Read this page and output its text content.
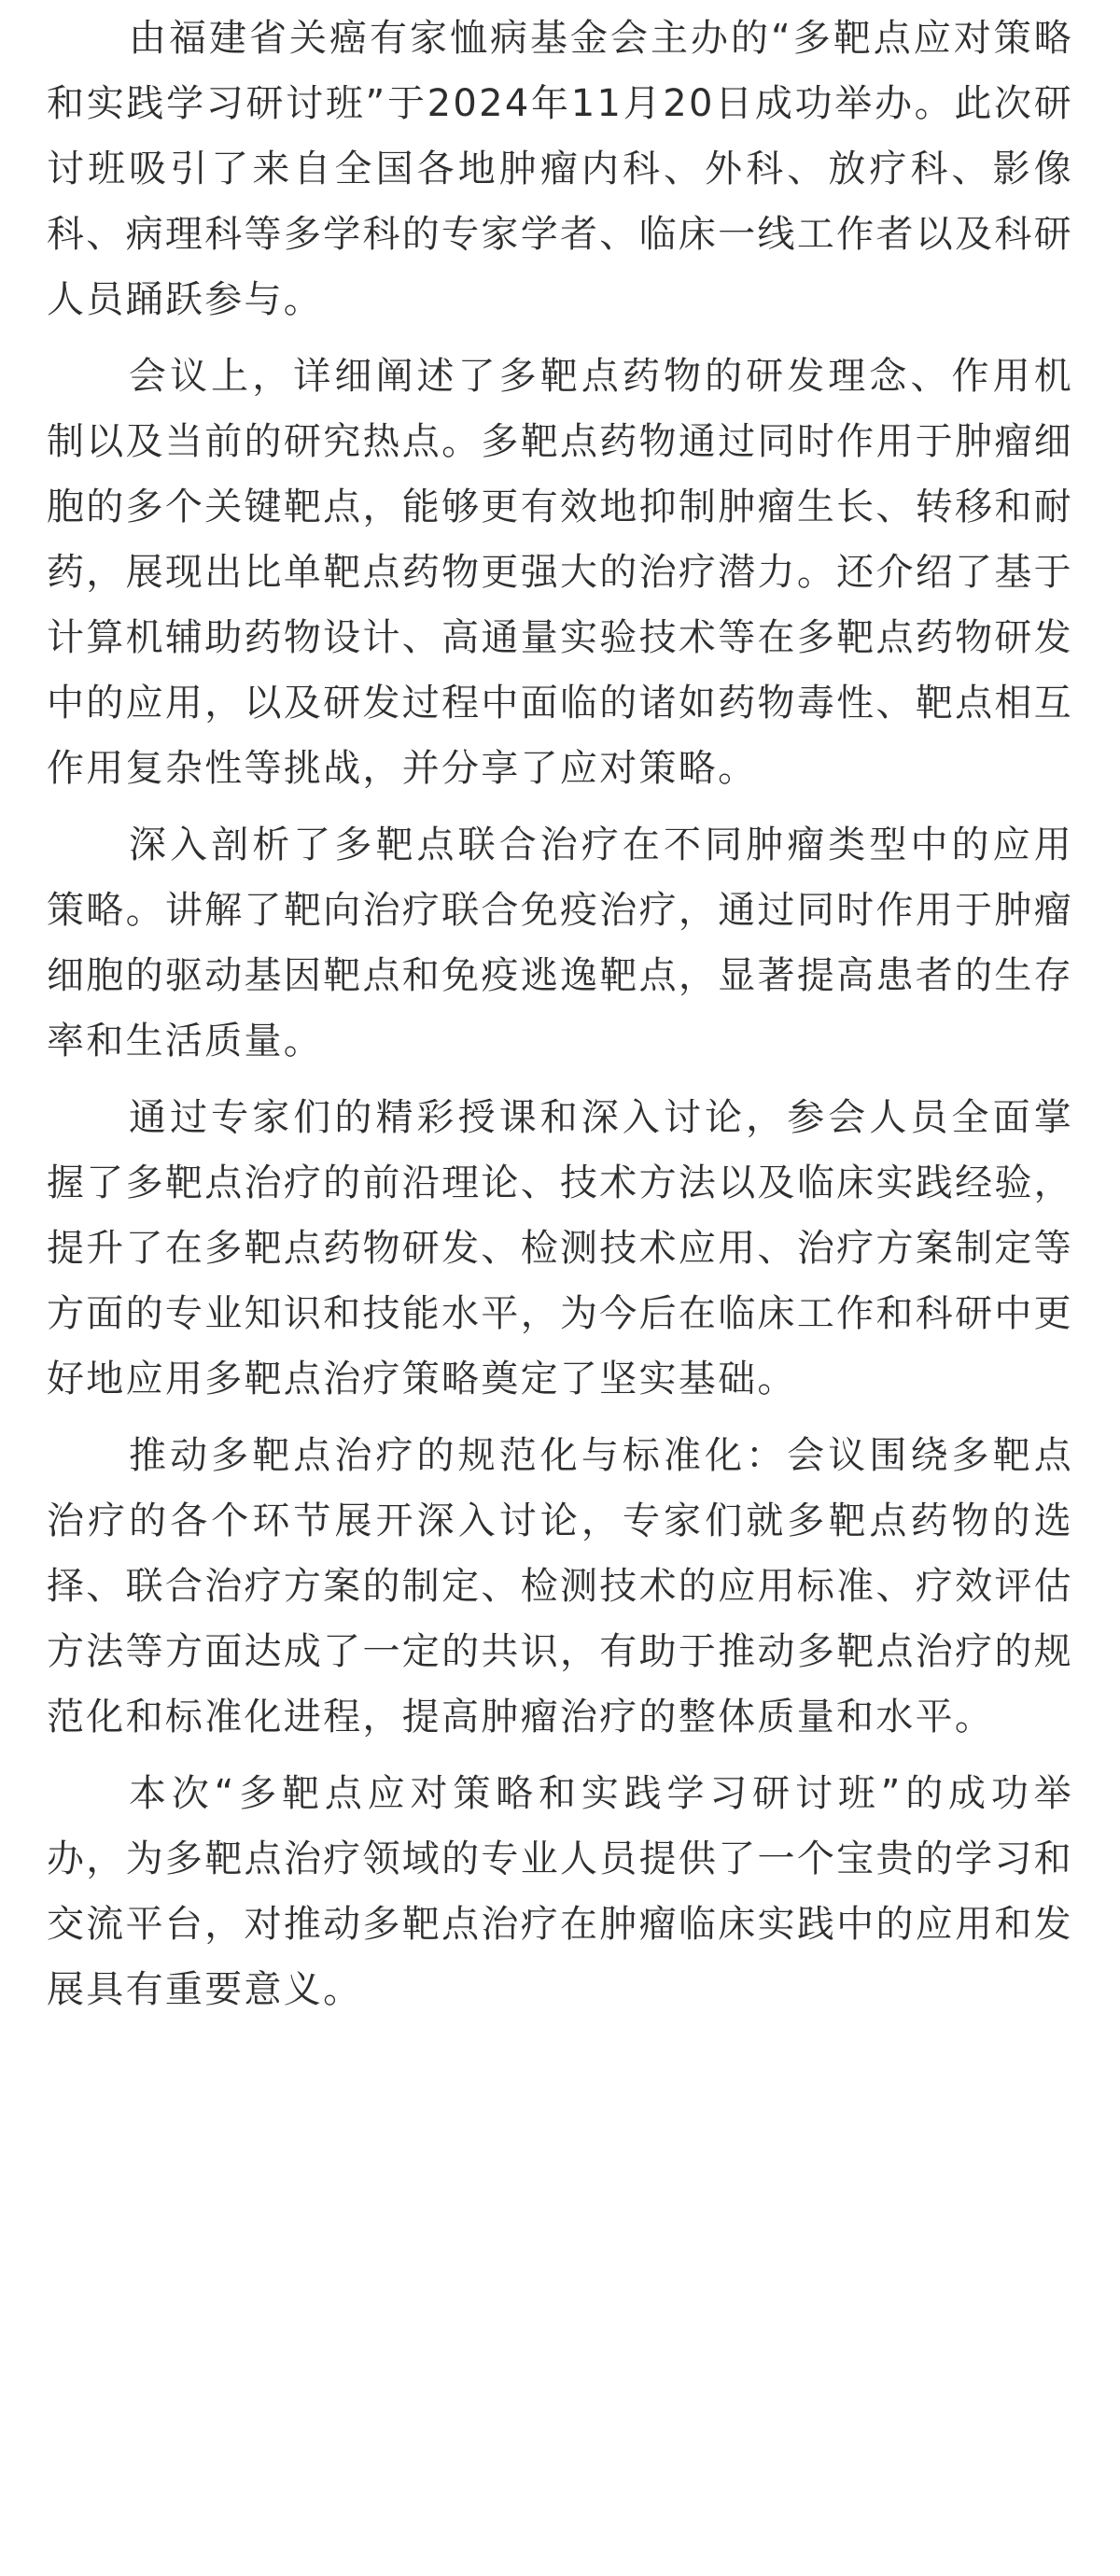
由福建省关癌有家恤病基金会主办的“多靶点应对策略和实践学习研讨班”于2024年11月20日成功举办。此次研讨班吸引了来自全国各地肿瘤内科、外科、放疗科、影像科、病理科等多学科的专家学者、临床一线工作者以及科研人员踊跃参与。

会议上，详细阐述了多靶点药物的研发理念、作用机制以及当前的研究热点。多靶点药物通过同时作用于肿瘤细胞的多个关键靶点，能够更有效地抑制肿瘤生长、转移和耐药，展现出比单靶点药物更强大的治疗潜力。还介绍了基于计算机辅助药物设计、高通量实验技术等在多靶点药物研发中的应用，以及研发过程中面临的诸如药物毒性、靶点相互作用复杂性等挑战，并分享了应对策略。

深入剖析了多靶点联合治疗在不同肿瘤类型中的应用策略。讲解了靶向治疗联合免疫治疗，通过同时作用于肿瘤细胞的驱动基因靶点和免疫逃逸靶点，显著提高患者的生存率和生活质量。

通过专家们的精彩授课和深入讨论，参会人员全面掌握了多靶点治疗的前沿理论、技术方法以及临床实践经验，提升了在多靶点药物研发、检测技术应用、治疗方案制定等方面的专业知识和技能水平，为今后在临床工作和科研中更好地应用多靶点治疗策略奠定了坚实基础。

推动多靶点治疗的规范化与标准化：会议围绕多靶点治疗的各个环节展开深入讨论，专家们就多靶点药物的选择、联合治疗方案的制定、检测技术的应用标准、疗效评估方法等方面达成了一定的共识，有助于推动多靶点治疗的规范化和标准化进程，提高肿瘤治疗的整体质量和水平。

本次“多靶点应对策略和实践学习研讨班”的成功举办，为多靶点治疗领域的专业人员提供了一个宝贵的学习和交流平台，对推动多靶点治疗在肿瘤临床实践中的应用和发展具有重要意义。
